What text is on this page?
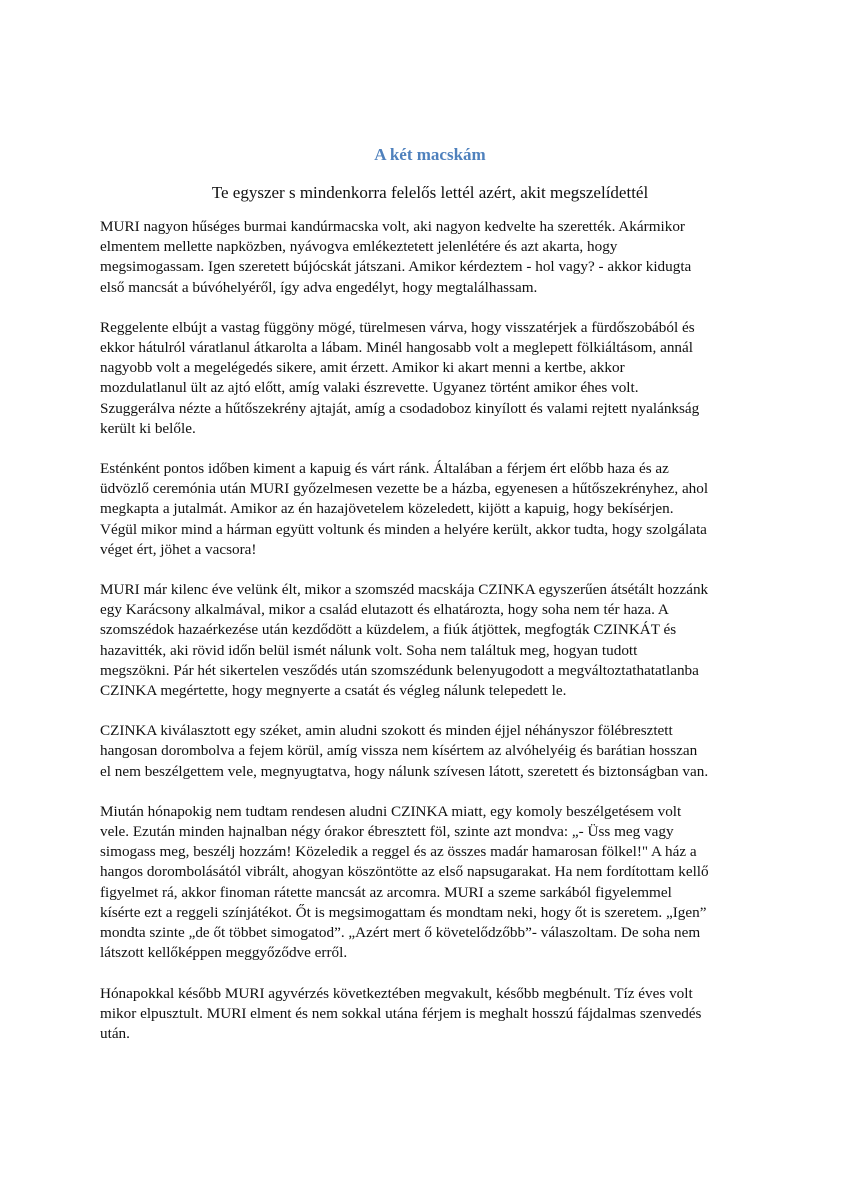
A két macskám
Te egyszer s mindenkorra felelős lettél azért, akit megszelídettél
MURI nagyon hűséges burmai kandúrmacska volt, aki nagyon kedvelte ha szerették. Akármikor
elmentem mellette napközben, nyávogva emlékeztetett jelenlétére és azt akarta, hogy
megsimogassam. Igen szeretett bújócskát játszani. Amikor kérdeztem - hol vagy? - akkor kidugta
első mancsát a búvóhelyéről, így adva engedélyt, hogy megtalálhassam.
Reggelente elbújt a vastag függöny mögé, türelmesen várva, hogy visszatérjek a fürdőszobából és
ekkor hátulról váratlanul átkarolta a lábam. Minél hangosabb volt a meglepett fölkiáltásom, annál
nagyobb volt a megelégedés sikere, amit érzett. Amikor ki akart menni a kertbe, akkor
mozdulatlanul ült az ajtó előtt, amíg valaki észrevette. Ugyanez történt amikor éhes volt.
Szuggerálva nézte a hűtőszekrény ajtaját, amíg a csodadoboz kinyílott és valami rejtett nyalánkság
került ki belőle.
Esténként pontos időben kiment a kapuig és várt ránk. Általában a férjem ért előbb haza és az
üdvözlő ceremónia után MURI győzelmesen vezette be a házba, egyenesen a hűtőszekrényhez, ahol
megkapta a jutalmát. Amikor az én hazajövetelem közeledett, kijött a kapuig, hogy bekísérjen.
Végül mikor mind a hárman együtt voltunk és minden a helyére került, akkor tudta, hogy szolgálata
véget ért, jöhet a vacsora!
MURI már kilenc éve velünk élt, mikor a szomszéd macskája CZINKA egyszerűen átsétált hozzánk
egy Karácsony alkalmával, mikor a család elutazott és elhatározta, hogy soha nem tér haza. A
szomszédok hazaérkezése után kezdődött a küzdelem, a fiúk átjöttek, megfogták CZINKÁT és
hazavitték, aki rövid időn belül ismét nálunk volt. Soha nem találtuk meg, hogyan tudott
megszökni. Pár hét sikertelen vesződés után szomszédunk belenyugodott a megváltoztathatatlanba
CZINKA megértette, hogy megnyerte a csatát és végleg nálunk telepedett le.
CZINKA kiválasztott egy széket, amin aludni szokott és minden éjjel néhányszor fölébresztett
hangosan dorombolva a fejem körül, amíg vissza nem kísértem az alvóhelyéig és barátian hosszan
el nem beszélgettem vele, megnyugtatva, hogy nálunk szívesen látott, szeretett és biztonságban van.
Miután hónapokig nem tudtam rendesen aludni CZINKA miatt, egy komoly beszélgetésem volt
vele. Ezután minden hajnalban négy órakor ébresztett föl, szinte azt mondva: „- Üss meg vagy
simogass meg, beszélj hozzám! Közeledik a reggel és az összes madár hamarosan fölkel!" A ház a
hangos dorombolásától vibrált, ahogyan köszöntötte az első napsugarakat. Ha nem fordítottam kellő
figyelmet rá, akkor finoman rátette mancsát az arcomra. MURI a szeme sarkából figyelemmel
kísérte ezt a reggeli színjátékot. Őt is megsimogattam és mondtam neki, hogy őt is szeretem. „Igen”
mondta szinte „de őt többet simogatod”. „Azért mert ő követelődzőbb”- válaszoltam. De soha nem
látszott kellőképpen meggyőződve erről.
Hónapokkal később MURI agyvérzés következtében megvakult, később megbénult. Tíz éves volt
mikor elpusztult. MURI elment és nem sokkal utána férjem is meghalt hosszú fájdalmas szenvedés
után.
